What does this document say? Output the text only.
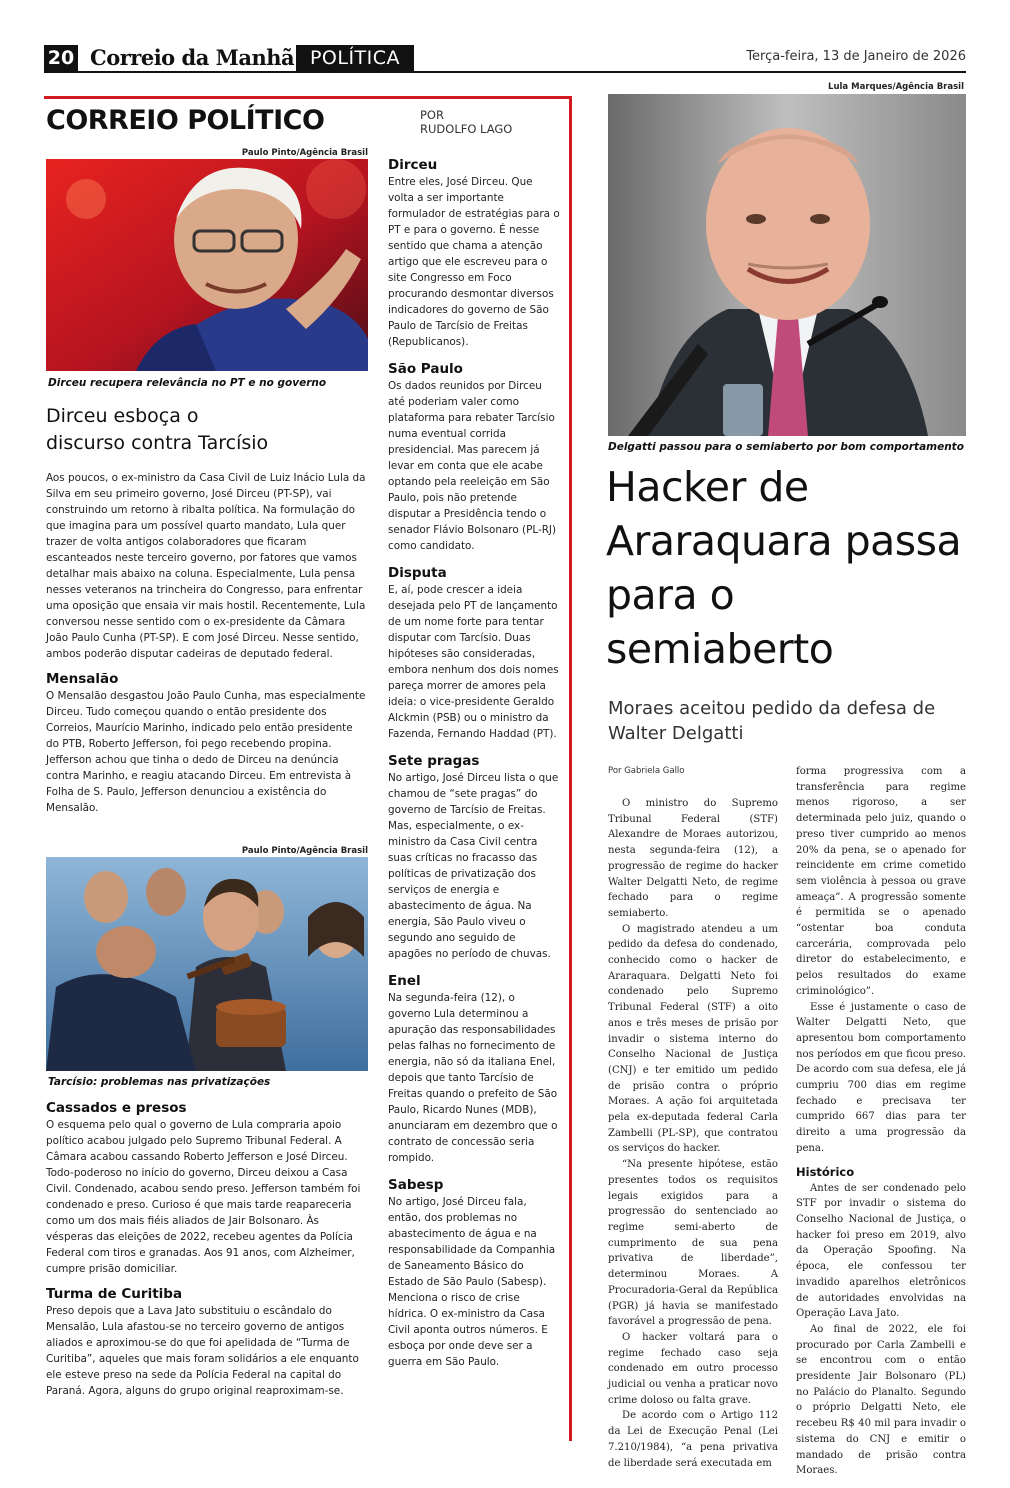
20 Correio da Manhã POLÍTICA	Terça-feira, 13 de Janeiro de 2026
CORREIO POLÍTICO	POR
RUDOLFO LAGO
Paulo Pinto/Agência Brasil
Dirceu recupera relevância no PT e no governo
Dirceu esboça o
discurso contra Tarcísio

Aos poucos, o ex-ministro da Casa Civil de Luiz Inácio Lula da Silva em seu primeiro governo, José Dirceu (PT-SP), vai construindo um retorno à ribalta política. Na formulação do que imagina para um possível quarto mandato, Lula quer trazer de volta antigos colaboradores que ficaram escanteados neste terceiro governo, por fatores que vamos detalhar mais abaixo na coluna. Especialmente, Lula pensa nesses veteranos na trincheira do Congresso, para enfrentar uma oposição que ensaia vir mais hostil. Recentemente, Lula conversou nesse sentido com o ex-presidente da Câmara João Paulo Cunha (PT-SP). E com José Dirceu. Nesse sentido, ambos poderão disputar cadeiras de deputado federal.

Mensalão

O Mensalão desgastou João Paulo Cunha, mas especialmente Dirceu. Tudo começou quando o então presidente dos Correios, Maurício Marinho, indicado pelo então presidente do PTB, Roberto Jefferson, foi pego recebendo propina. Jefferson achou que tinha o dedo de Dirceu na denúncia contra Marinho, e reagiu atacando Dirceu. Em entrevista à Folha de S. Paulo, Jefferson denunciou a existência do Mensalão.

Paulo Pinto/Agência Brasil
Tarcísio: problemas nas privatizações
Cassados e presos

O esquema pelo qual o governo de Lula compraria apoio político acabou julgado pelo Supremo Tribunal Federal. A Câmara acabou cassando Roberto Jefferson e José Dirceu. Todo-poderoso no início do governo, Dirceu deixou a Casa Civil. Condenado, acabou sendo preso. Jefferson também foi condenado e preso. Curioso é que mais tarde reapareceria como um dos mais fiéis aliados de Jair Bolsonaro. Às vésperas das eleições de 2022, recebeu agentes da Polícia Federal com tiros e granadas. Aos 91 anos, com Alzheimer, cumpre prisão domiciliar.

Turma de Curitiba

Preso depois que a Lava Jato substituiu o escândalo do Mensalão, Lula afastou-se no terceiro governo de antigos aliados e aproximou-se do que foi apelidada de “Turma de Curitiba”, aqueles que mais foram solidários a ele enquanto ele esteve preso na sede da Polícia Federal na capital do Paraná. Agora, alguns do grupo original reaproximam-se.

Dirceu

Entre eles, José Dirceu. Que volta a ser importante formulador de estratégias para o PT e para o governo. É nesse sentido que chama a atenção artigo que ele escreveu para o site Congresso em Foco procurando desmontar diversos indicadores do governo de São Paulo de Tarcísio de Freitas (Republicanos).

São Paulo

Os dados reunidos por Dirceu até poderiam valer como plataforma para rebater Tarcísio numa eventual corrida presidencial. Mas parecem já levar em conta que ele acabe optando pela reeleição em São Paulo, pois não pretende disputar a Presidência tendo o senador Flávio Bolsonaro (PL-RJ) como candidato.

Disputa

E, aí, pode crescer a ideia desejada pelo PT de lançamento de um nome forte para tentar disputar com Tarcísio. Duas hipóteses são consideradas, embora nenhum dos dois nomes pareça morrer de amores pela ideia: o vice-presidente Geraldo Alckmin (PSB) ou o ministro da Fazenda, Fernando Haddad (PT).

Sete pragas

No artigo, José Dirceu lista o que chamou de “sete pragas” do governo de Tarcísio de Freitas. Mas, especialmente, o ex-ministro da Casa Civil centra suas críticas no fracasso das políticas de privatização dos serviços de energia e abastecimento de água. Na energia, São Paulo viveu o segundo ano seguido de apagões no período de chuvas.

Enel

Na segunda-feira (12), o governo Lula determinou a apuração das responsabilidades pelas falhas no fornecimento de energia, não só da italiana Enel, depois que tanto Tarcísio de Freitas quando o prefeito de São Paulo, Ricardo Nunes (MDB), anunciaram em dezembro que o contrato de concessão seria rompido.

Sabesp

No artigo, José Dirceu fala, então, dos problemas no abastecimento de água e na responsabilidade da Companhia de Saneamento Básico do Estado de São Paulo (Sabesp). Menciona o risco de crise hídrica. O ex-ministro da Casa Civil aponta outros números. E esboça por onde deve ser a guerra em São Paulo.

Lula Marques/Agência Brasil
Delgatti passou para o semiaberto por bom comportamento
Hacker de Araraquara passa para o semiaberto
Moraes aceitou pedido da defesa de Walter Delgatti
Por Gabriela Gallo

O ministro do Supremo Tribunal Federal (STF) Alexandre de Moraes autorizou, nesta segunda-feira (12), a progressão de regime do hacker Walter Delgatti Neto, de regime fechado para o regime semiaberto.

O magistrado atendeu a um pedido da defesa do condenado, conhecido como o hacker de Araraquara. Delgatti Neto foi condenado pelo Supremo Tribunal Federal (STF) a oito anos e três meses de prisão por invadir o sistema interno do Conselho Nacional de Justiça (CNJ) e ter emitido um pedido de prisão contra o próprio Moraes. A ação foi arquitetada pela ex-deputada federal Carla Zambelli (PL-SP), que contratou os serviços do hacker.

“Na presente hipótese, estão presentes todos os requisitos legais exigidos para a progressão do sentenciado ao regime semi-aberto de cumprimento de sua pena privativa de liberdade”, determinou Moraes. A Procuradoria-Geral da República (PGR) já havia se manifestado favorável a progressão de pena.

O hacker voltará para o regime fechado caso seja condenado em outro processo judicial ou venha a praticar novo crime doloso ou falta grave.

De acordo com o Artigo 112 da Lei de Execução Penal (Lei 7.210/1984), “a pena privativa de liberdade será executada em

forma progressiva com a transferência para regime menos rigoroso, a ser determinada pelo juiz, quando o preso tiver cumprido ao menos 20% da pena, se o apenado for reincidente em crime cometido sem violência à pessoa ou grave ameaça”. A progressão somente é permitida se o apenado “ostentar boa conduta carcerária, comprovada pelo diretor do estabelecimento, e pelos resultados do exame criminológico”.

Esse é justamente o caso de Walter Delgatti Neto, que apresentou bom comportamento nos períodos em que ficou preso. De acordo com sua defesa, ele já cumpriu 700 dias em regime fechado e precisava ter cumprido 667 dias para ter direito a uma progressão da pena.

Histórico

Antes de ser condenado pelo STF por invadir o sistema do Conselho Nacional de Justiça, o hacker foi preso em 2019, alvo da Operação Spoofing. Na época, ele confessou ter invadido aparelhos eletrônicos de autoridades envolvidas na Operação Lava Jato.

Ao final de 2022, ele foi procurado por Carla Zambelli e se encontrou com o então presidente Jair Bolsonaro (PL) no Palácio do Planalto. Segundo o próprio Delgatti Neto, ele recebeu R$ 40 mil para invadir o sistema do CNJ e emitir o mandado de prisão contra Moraes.
